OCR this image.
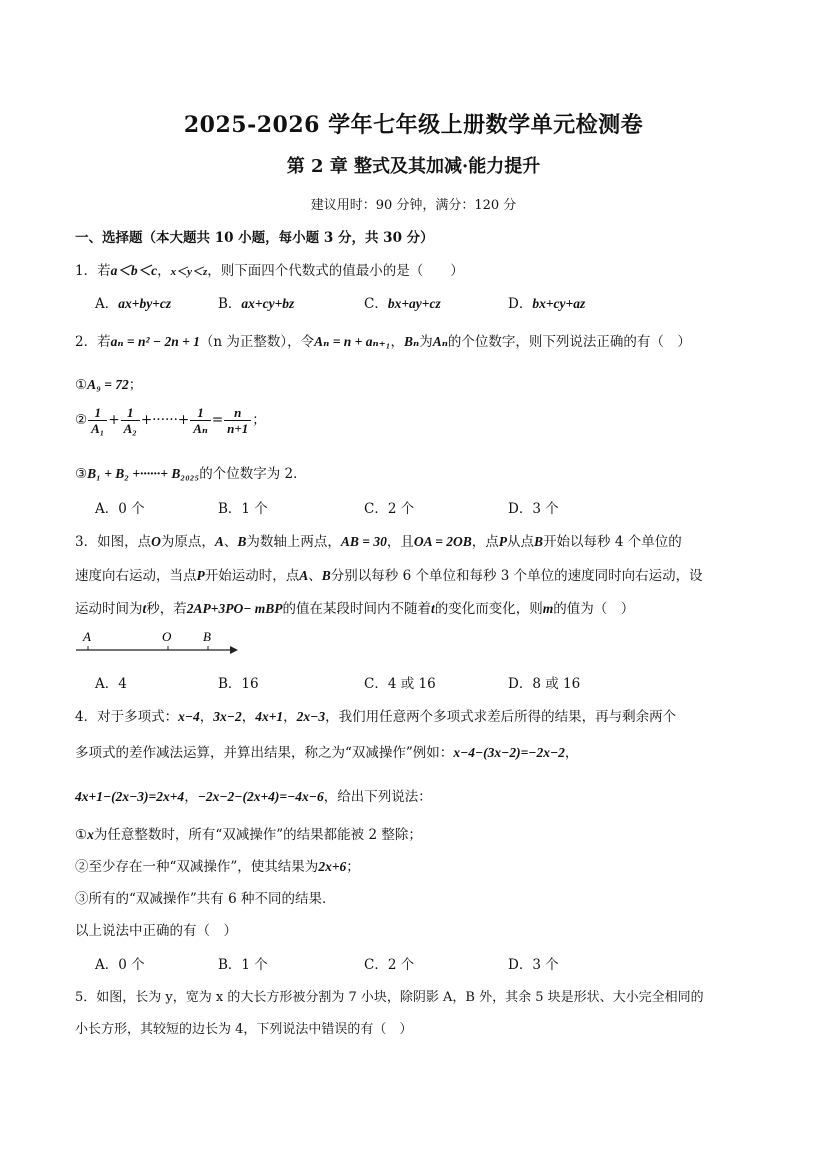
2025-2026 学年七年级上册数学单元检测卷
第 2 章 整式及其加减·能力提升
建议用时：90 分钟，满分：120 分
一、选择题（本大题共 10 小题，每小题 3 分，共 30 分）
1．若a＜b＜c，x＜y＜z，则下面四个代数式的值最小的是（　　）
A．ax+by+cz	B．ax+cy+bz	C．bx+ay+cz	D．bx+cy+az
2．若aₙ = n² − 2n + 1（n 为正整数），令Aₙ = n + aₙ₊₁，Bₙ为Aₙ的个位数字，则下列说法正确的有（　）
①A₉ = 72；
② $\frac{1}{\text{A₁}} + \frac{1}{\text{A₂}}$ +······+ $\frac{1}{\text{Aₙ}} = \frac{n}{n+1}$ ；
③B₁ + B₂ +······+ B₂₀₂₅的个位数字为 2．
A．0 个	B．1 个	C．2 个	D．3 个
3．如图，点O为原点，A、B为数轴上两点，AB = 30，且OA = 2OB，点P从点B开始以每秒 4 个单位的
速度向右运动，当点P开始运动时，点A、B分别以每秒 6 个单位和每秒 3 个单位的速度同时向右运动，设
运动时间为t秒，若2AP+3PO− mBP的值在某段时间内不随着t的变化而变化，则m的值为（　）
A	O B
A．4	B．16	C．4 或 16	D．8 或 16
4．对于多项式：x−4，3x−2，4x+1，2x−3，我们用任意两个多项式求差后所得的结果，再与剩余两个
多项式的差作减法运算，并算出结果，称之为“双减操作”例如：x−4−(3x−2)=−2x−2，
4x+1−(2x−3)=2x+4，−2x−2−(2x+4)=−4x−6，给出下列说法：
①x为任意整数时，所有“双减操作”的结果都能被 2 整除；
②至少存在一种“双减操作”，使其结果为2x+6；
③所有的“双减操作”共有 6 种不同的结果．
以上说法中正确的有（　）
A．0 个	B．1 个	C．2 个	D．3 个
5．如图，长为 y，宽为 x 的大长方形被分割为 7 小块，除阴影 A，B 外，其余 5 块是形状、大小完全相同的
小长方形，其较短的边长为 4，下列说法中错误的有（　）
